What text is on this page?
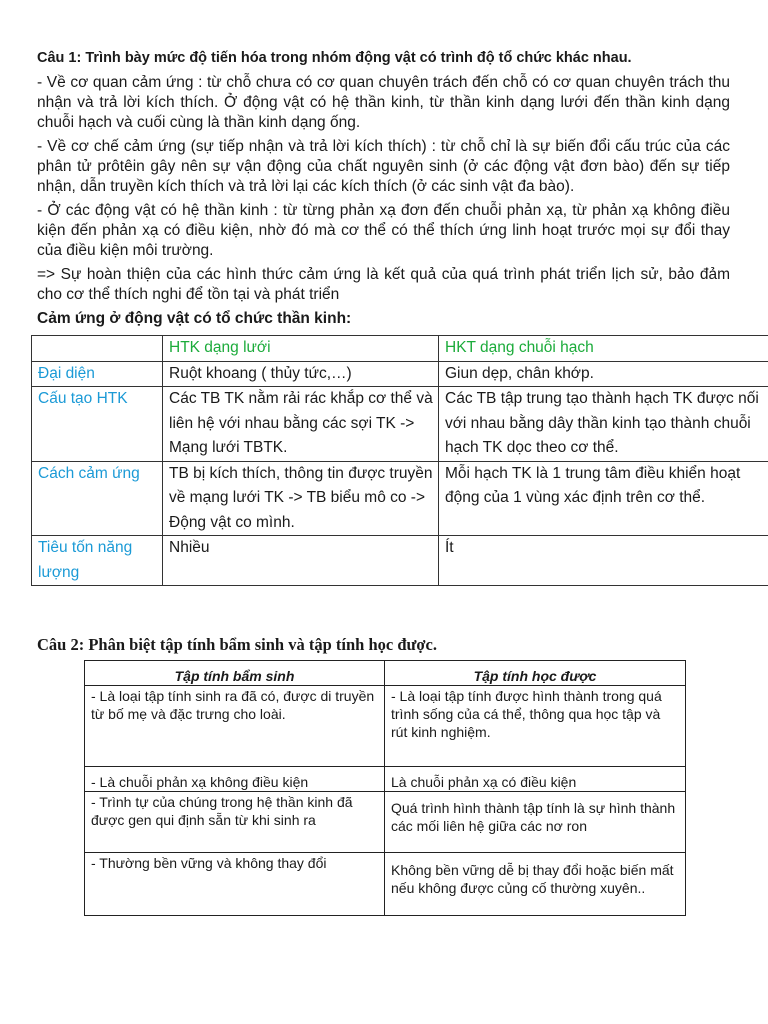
Câu 1: Trình bày mức độ tiến hóa trong nhóm động vật có trình độ tổ chức khác nhau.

- Về cơ quan cảm ứng : từ chỗ chưa có cơ quan chuyên trách đến chỗ có cơ quan chuyên trách thu nhận và trả lời kích thích. Ở động vật có hệ thần kinh, từ thần kinh dạng lưới đến thần kinh dạng chuỗi hạch và cuối cùng là thần kinh dạng ống.

- Về cơ chế cảm ứng (sự tiếp nhận và trả lời kích thích) : từ chỗ chỉ là sự biến đổi cấu trúc của các phân tử prôtêin gây nên sự vận động của chất nguyên sinh (ở các động vật đơn bào) đến sự tiếp nhận, dẫn truyền kích thích và trả lời lại các kích thích (ở các sinh vật đa bào).

- Ở các động vật có hệ thần kinh : từ từng phản xạ đơn đến chuỗi phản xạ, từ phản xạ không điều kiện đến phản xạ có điều kiện, nhờ đó mà cơ thể có thể thích ứng linh hoạt trước mọi sự đổi thay của điều kiện môi trường.

=> Sự hoàn thiện của các hình thức cảm ứng là kết quả của quá trình phát triển lịch sử, bảo đảm cho cơ thể thích nghi để tồn tại và phát triển

Cảm ứng ở động vật có tổ chức thần kinh:

	HTK dạng lưới	HKT dạng chuỗi hạch
Đại diện	Ruột khoang ( thủy tức,…)	Giun dẹp, chân khớp.
Cấu tạo HTK	Các TB TK nằm rải rác khắp cơ thể và liên hệ với nhau bằng các sợi TK -> Mạng lưới TBTK.	Các TB tập trung tạo thành hạch TK được nối với nhau bằng dây thần kinh tạo thành chuỗi hạch TK dọc theo cơ thể.
Cách cảm ứng	TB bị kích thích, thông tin được truyền về mạng lưới TK -> TB biểu mô co -> Động vật co mình.	Mỗi hạch TK là 1 trung tâm điều khiển hoạt động của 1 vùng xác định trên cơ thể.
Tiêu tốn năng lượng	Nhiều	Ít

Câu 2: Phân biệt tập tính bẩm sinh và tập tính học được.

Tập tính bẩm sinh	Tập tính học được
- Là loại tập tính sinh ra đã có, được di truyền từ bố mẹ và đặc trưng cho loài.	- Là loại tập tính được hình thành trong quá trình sống của cá thể, thông qua học tập và rút kinh nghiệm.
- Là chuỗi phản xạ không điều kiện	Là chuỗi phản xạ có điều kiện
- Trình tự của chúng trong hệ thần kinh đã được gen qui định sẵn từ khi sinh ra	Quá trình hình thành tập tính là sự hình thành các mối liên hệ giữa các nơ ron
- Thường bền vững và không thay đổi	Không bền vững dễ bị thay đổi hoặc biến mất nếu không được củng cố thường xuyên..
